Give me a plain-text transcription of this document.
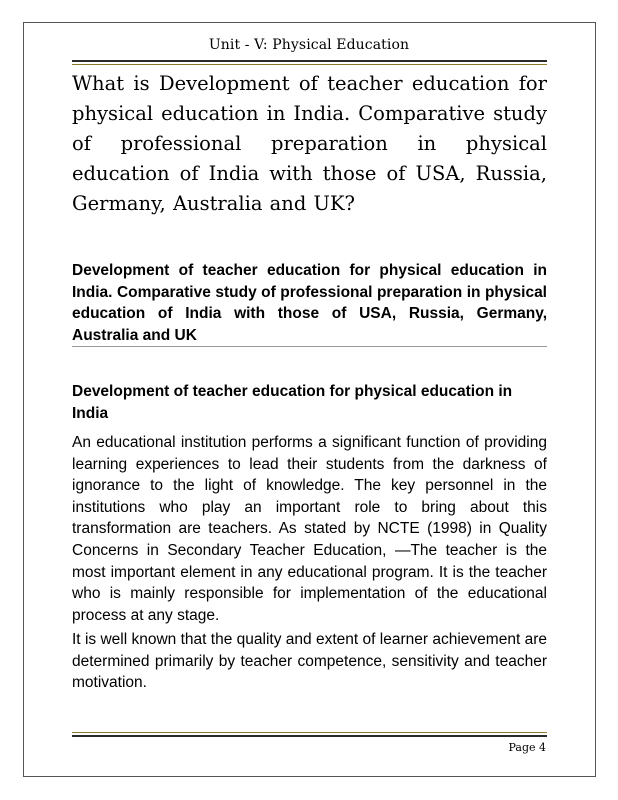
Unit - V: Physical Education

What is Development of teacher education for physical education in India. Comparative study of professional preparation in physical education of India with those of USA, Russia, Germany, Australia and UK?

Development of teacher education for physical education in India. Comparative study of professional preparation in physical education of India with those of USA, Russia, Germany, Australia and UK

Development of teacher education for physical education in India

An educational institution performs a significant function of providing learning experiences to lead their students from the darkness of ignorance to the light of knowledge. The key personnel in the institutions who play an important role to bring about this transformation are teachers. As stated by NCTE (1998) in Quality Concerns in Secondary Teacher Education, —The teacher is the most important element in any educational program. It is the teacher who is mainly responsible for implementation of the educational process at any stage.

It is well known that the quality and extent of learner achievement are determined primarily by teacher competence, sensitivity and teacher motivation.

Page 4
